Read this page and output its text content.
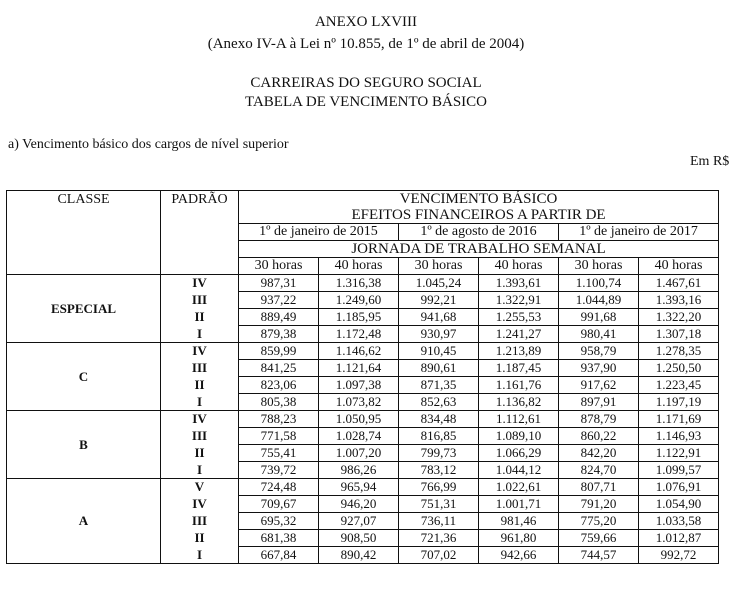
ANEXO LXVIII
(Anexo IV-A à Lei nº 10.855, de 1º de abril de 2004)
CARREIRAS DO SEGURO SOCIAL
TABELA DE VENCIMENTO BÁSICO
a) Vencimento básico dos cargos de nível superior
Em R$
CLASSE	PADRÃO	VENCIMENTO BÁSICO					
		EFEITOS FINANCEIROS A PARTIR DE					
		1º de janeiro de 2015		1º de agosto de 2016		1º de janeiro de 2017	
		JORNADA DE TRABALHO SEMANAL					
		30 horas	40 horas	30 horas	40 horas	30 horas	40 horas
ESPECIAL	IV	987,31	1.316,38	1.045,24	1.393,61	1.100,74	1.467,61
	III	937,22	1.249,60	992,21	1.322,91	1.044,89	1.393,16
	II	889,49	1.185,95	941,68	1.255,53	991,68	1.322,20
	I	879,38	1.172,48	930,97	1.241,27	980,41	1.307,18
C	IV	859,99	1.146,62	910,45	1.213,89	958,79	1.278,35
	III	841,25	1.121,64	890,61	1.187,45	937,90	1.250,50
	II	823,06	1.097,38	871,35	1.161,76	917,62	1.223,45
	I	805,38	1.073,82	852,63	1.136,82	897,91	1.197,19
B	IV	788,23	1.050,95	834,48	1.112,61	878,79	1.171,69
	III	771,58	1.028,74	816,85	1.089,10	860,22	1.146,93
	II	755,41	1.007,20	799,73	1.066,29	842,20	1.122,91
	I	739,72	986,26	783,12	1.044,12	824,70	1.099,57
A	V	724,48	965,94	766,99	1.022,61	807,71	1.076,91
	IV	709,67	946,20	751,31	1.001,71	791,20	1.054,90
	III	695,32	927,07	736,11	981,46	775,20	1.033,58
	II	681,38	908,50	721,36	961,80	759,66	1.012,87
	I	667,84	890,42	707,02	942,66	744,57	992,72
